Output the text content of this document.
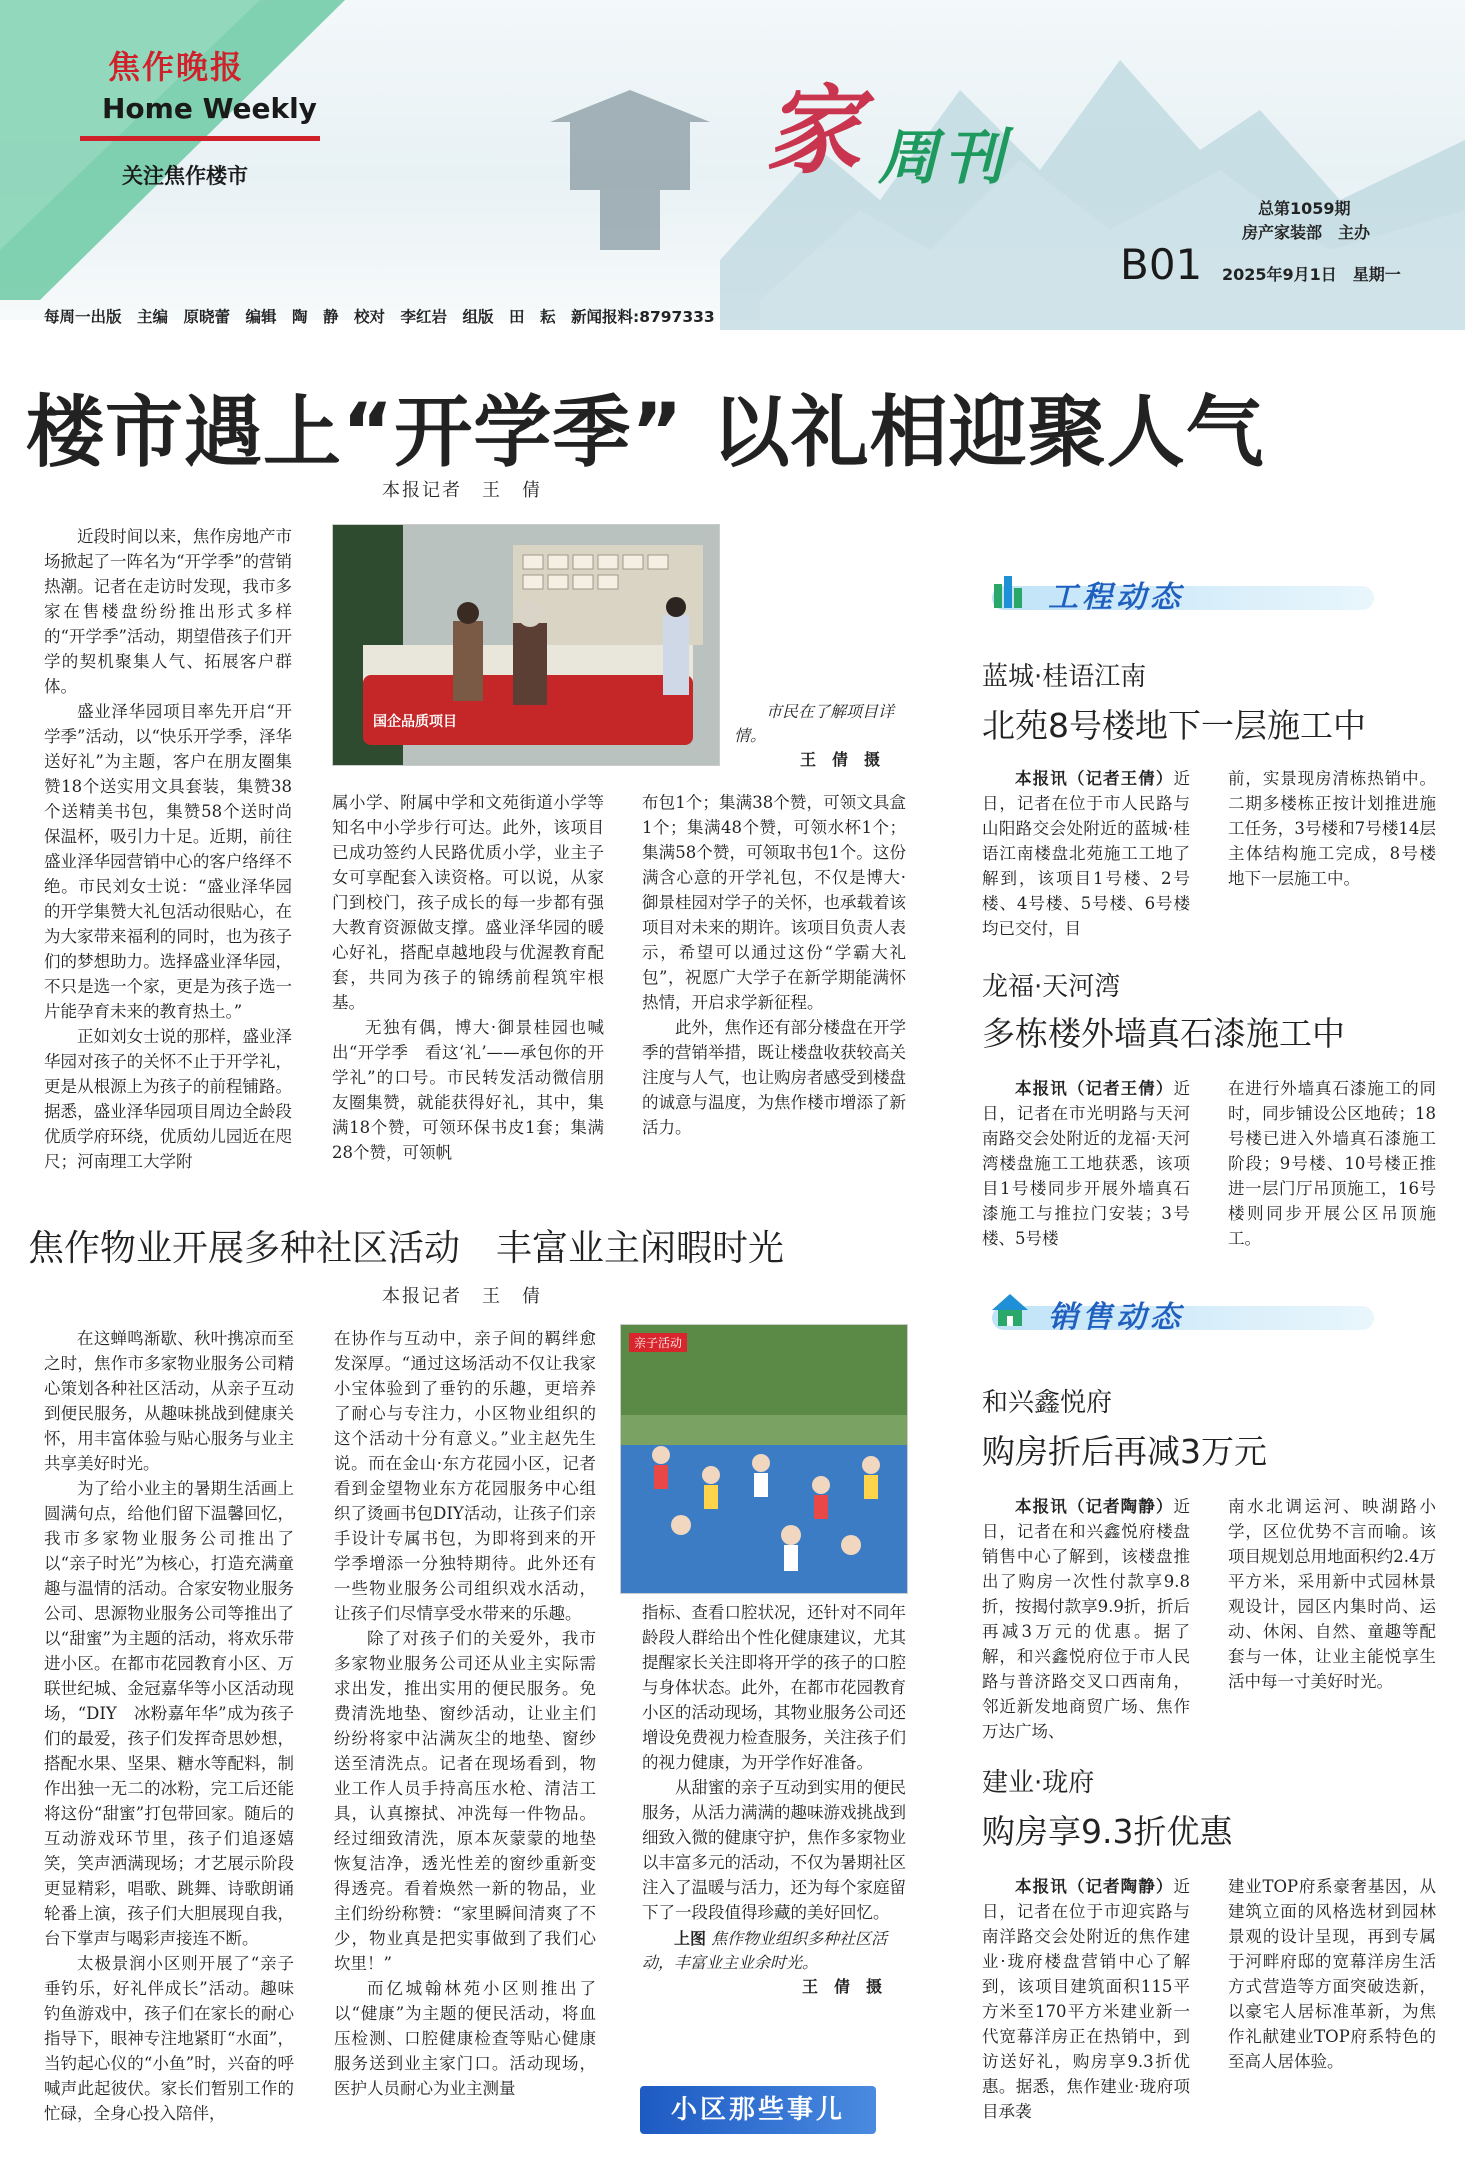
焦作晚报
Home Weekly
关注焦作楼市	家 周刊
总第1059期
房产家装部　主办
B01 2025年9月1日　星期一
每周一出版　主编　原晓蕾　编辑　陶　静　校对　李红岩　组版　田　耘　新闻报料:8797333
楼市遇上“开学季” 以礼相迎聚人气
本报记者　王　倩
国企品质项目
市民在了解项目详情。
王　倩　摄

近段时间以来，焦作房地产市场掀起了一阵名为“开学季”的营销热潮。记者在走访时发现，我市多家在售楼盘纷纷推出形式多样的“开学季”活动，期望借孩子们开学的契机聚集人气、拓展客户群体。

盛业泽华园项目率先开启“开学季”活动，以“快乐开学季，泽华送好礼”为主题，客户在朋友圈集赞18个送实用文具套装，集赞38个送精美书包，集赞58个送时尚保温杯，吸引力十足。近期，前往盛业泽华园营销中心的客户络绎不绝。市民刘女士说：“盛业泽华园的开学集赞大礼包活动很贴心，在为大家带来福利的同时，也为孩子们的梦想助力。选择盛业泽华园，不只是选一个家，更是为孩子选一片能孕育未来的教育热土。”

正如刘女士说的那样，盛业泽华园对孩子的关怀不止于开学礼，更是从根源上为孩子的前程铺路。据悉，盛业泽华园项目周边全龄段优质学府环绕，优质幼儿园近在咫尺；河南理工大学附

属小学、附属中学和文苑街道小学等知名中小学步行可达。此外，该项目已成功签约人民路优质小学，业主子女可享配套入读资格。可以说，从家门到校门，孩子成长的每一步都有强大教育资源做支撑。盛业泽华园的暖心好礼，搭配卓越地段与优渥教育配套，共同为孩子的锦绣前程筑牢根基。

无独有偶，博大·御景桂园也喊出“开学季　看这‘礼’——承包你的开学礼”的口号。市民转发活动微信朋友圈集赞，就能获得好礼，其中，集满18个赞，可领环保书皮1套；集满28个赞，可领帆

布包1个；集满38个赞，可领文具盒1个；集满48个赞，可领水杯1个；集满58个赞，可领取书包1个。这份满含心意的开学礼包，不仅是博大·御景桂园对学子的关怀，也承载着该项目对未来的期许。该项目负责人表示，希望可以通过这份“学霸大礼包”，祝愿广大学子在新学期能满怀热情，开启求学新征程。

此外，焦作还有部分楼盘在开学季的营销举措，既让楼盘收获较高关注度与人气，也让购房者感受到楼盘的诚意与温度，为焦作楼市增添了新活力。

焦作物业开展多种社区活动　丰富业主闲暇时光
本报记者　王　倩

在这蝉鸣渐歇、秋叶携凉而至之时，焦作市多家物业服务公司精心策划各种社区活动，从亲子互动到便民服务，从趣味挑战到健康关怀，用丰富体验与贴心服务与业主共享美好时光。

为了给小业主的暑期生活画上圆满句点，给他们留下温馨回忆，我市多家物业服务公司推出了以“亲子时光”为核心，打造充满童趣与温情的活动。合家安物业服务公司、思源物业服务公司等推出了以“甜蜜”为主题的活动，将欢乐带进小区。在都市花园教育小区、万联世纪城、金冠嘉华等小区活动现场，“DIY　冰粉嘉年华”成为孩子们的最爱，孩子们发挥奇思妙想，搭配水果、坚果、糖水等配料，制作出独一无二的冰粉，完工后还能将这份“甜蜜”打包带回家。随后的互动游戏环节里，孩子们追逐嬉笑，笑声洒满现场；才艺展示阶段更显精彩，唱歌、跳舞、诗歌朗诵轮番上演，孩子们大胆展现自我，台下掌声与喝彩声接连不断。

太极景润小区则开展了“亲子垂钓乐，好礼伴成长”活动。趣味钓鱼游戏中，孩子们在家长的耐心指导下，眼神专注地紧盯“水面”，当钓起心仪的“小鱼”时，兴奋的呼喊声此起彼伏。家长们暂别工作的忙碌，全身心投入陪伴，

在协作与互动中，亲子间的羁绊愈发深厚。“通过这场活动不仅让我家小宝体验到了垂钓的乐趣，更培养了耐心与专注力，小区物业组织的这个活动十分有意义。”业主赵先生说。而在金山·东方花园小区，记者看到金望物业东方花园服务中心组织了烫画书包DIY活动，让孩子们亲手设计专属书包，为即将到来的开学季增添一分独特期待。此外还有一些物业服务公司组织戏水活动，让孩子们尽情享受水带来的乐趣。

除了对孩子们的关爱外，我市多家物业服务公司还从业主实际需求出发，推出实用的便民服务。免费清洗地垫、窗纱活动，让业主们纷纷将家中沾满灰尘的地垫、窗纱送至清洗点。记者在现场看到，物业工作人员手持高压水枪、清洁工具，认真擦拭、冲洗每一件物品。经过细致清洗，原本灰蒙蒙的地垫恢复洁净，透光性差的窗纱重新变得透亮。看着焕然一新的物品，业主们纷纷称赞：“家里瞬间清爽了不少，物业真是把实事做到了我们心坎里！”

而亿城翰林苑小区则推出了以“健康”为主题的便民活动，将血压检测、口腔健康检查等贴心健康服务送到业主家门口。活动现场，医护人员耐心为业主测量

亲子活动

指标、查看口腔状况，还针对不同年龄段人群给出个性化健康建议，尤其提醒家长关注即将开学的孩子的口腔与身体状态。此外，在都市花园教育小区的活动现场，其物业服务公司还增设免费视力检查服务，关注孩子们的视力健康，为开学作好准备。

从甜蜜的亲子互动到实用的便民服务，从活力满满的趣味游戏挑战到细致入微的健康守护，焦作多家物业以丰富多元的活动，不仅为暑期社区注入了温暖与活力，还为每个家庭留下了一段段值得珍藏的美好回忆。

上图 焦作物业组织多种社区活动，丰富业主业余时光。

王　倩　摄

小区那些事儿
工程动态
蓝城·桂语江南
北苑8号楼地下一层施工中

本报讯（记者王倩）近日，记者在位于市人民路与山阳路交会处附近的蓝城·桂语江南楼盘北苑施工工地了解到，该项目1号楼、2号楼、4号楼、5号楼、6号楼均已交付，目

前，实景现房清栋热销中。二期多楼栋正按计划推进施工任务，3号楼和7号楼14层主体结构施工完成，8号楼地下一层施工中。

龙福·天河湾
多栋楼外墙真石漆施工中

本报讯（记者王倩）近日，记者在市光明路与天河南路交会处附近的龙福·天河湾楼盘施工工地获悉，该项目1号楼同步开展外墙真石漆施工与推拉门安装；3号楼、5号楼

在进行外墙真石漆施工的同时，同步铺设公区地砖；18号楼已进入外墙真石漆施工阶段；9号楼、10号楼正推进一层门厅吊顶施工，16号楼则同步开展公区吊顶施工。

销售动态
和兴鑫悦府
购房折后再减3万元

本报讯（记者陶静）近日，记者在和兴鑫悦府楼盘销售中心了解到，该楼盘推出了购房一次性付款享9.8折，按揭付款享9.9折，折后再减3万元的优惠。据了解，和兴鑫悦府位于市人民路与普济路交叉口西南角，邻近新发地商贸广场、焦作万达广场、

南水北调运河、映湖路小学，区位优势不言而喻。该项目规划总用地面积约2.4万平方米，采用新中式园林景观设计，园区内集时尚、运动、休闲、自然、童趣等配套与一体，让业主能悦享生活中每一寸美好时光。

建业·珑府
购房享9.3折优惠

本报讯（记者陶静）近日，记者在位于市迎宾路与南洋路交会处附近的焦作建业·珑府楼盘营销中心了解到，该项目建筑面积115平方米至170平方米建业新一代宽幕洋房正在热销中，到访送好礼，购房享9.3折优惠。据悉，焦作建业·珑府项目承袭

建业TOP府系豪奢基因，从建筑立面的风格选材到园林景观的设计呈现，再到专属于河畔府邸的宽幕洋房生活方式营造等方面突破迭新，以豪宅人居标准革新，为焦作礼献建业TOP府系特色的至高人居体验。
